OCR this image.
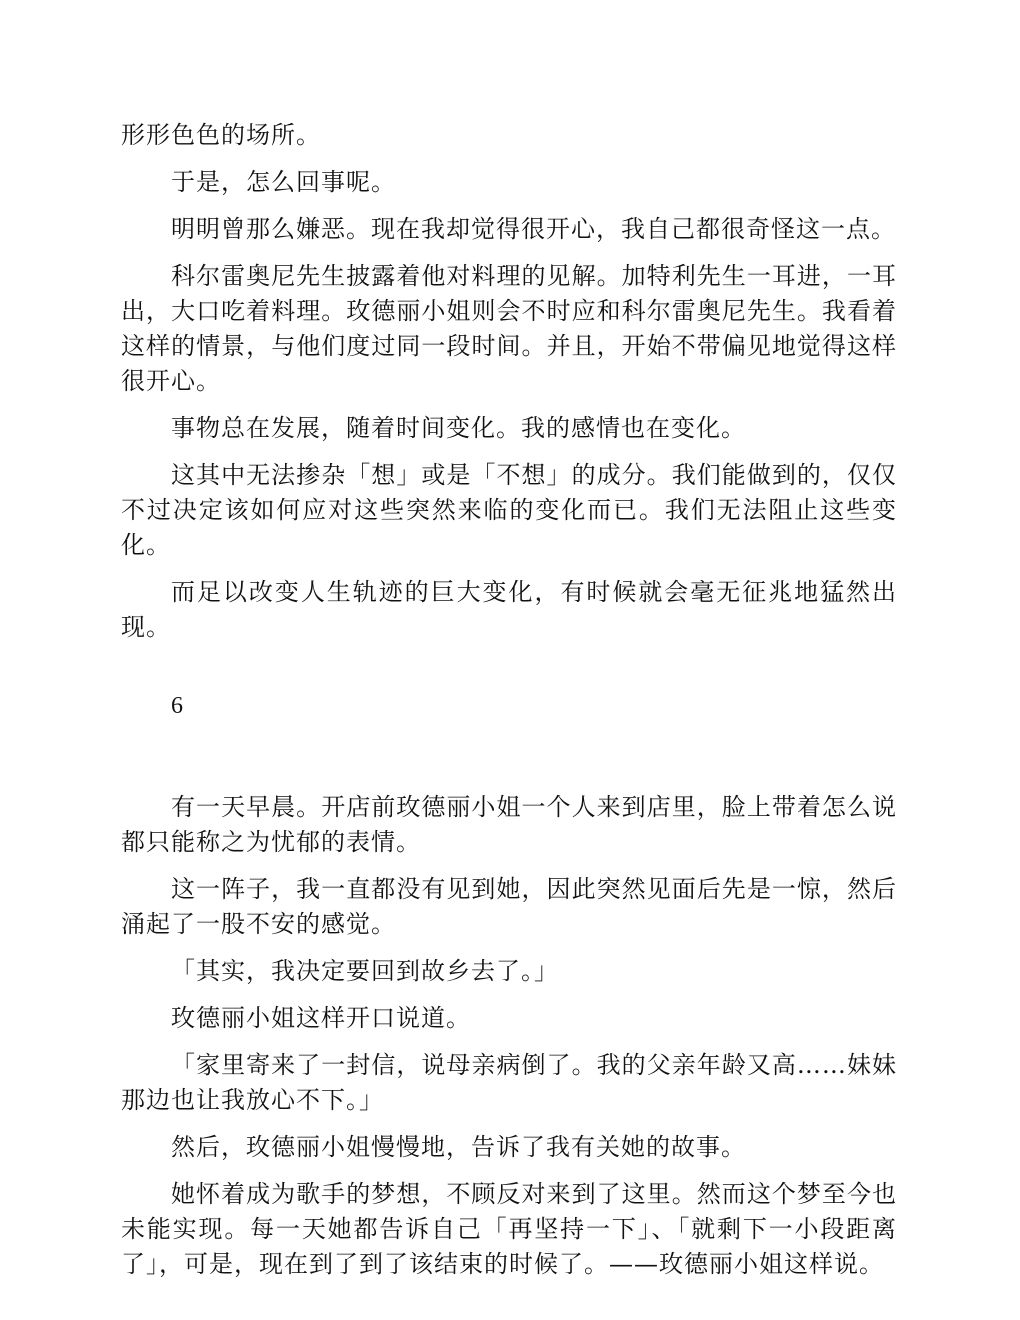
形形色色的场所。

于是，怎么回事呢。

明明曾那么嫌恶。现在我却觉得很开心，我自己都很奇怪这一点。

科尔雷奥尼先生披露着他对料理的见解。加特利先生一耳进，一耳出，大口吃着料理。玫德丽小姐则会不时应和科尔雷奥尼先生。我看着这样的情景，与他们度过同一段时间。并且，开始不带偏见地觉得这样很开心。

事物总在发展，随着时间变化。我的感情也在变化。

这其中无法掺杂「想」或是「不想」的成分。我们能做到的，仅仅不过决定该如何应对这些突然来临的变化而已。我们无法阻止这些变化。

而足以改变人生轨迹的巨大变化，有时候就会毫无征兆地猛然出现。

6

有一天早晨。开店前玫德丽小姐一个人来到店里，脸上带着怎么说都只能称之为忧郁的表情。

这一阵子，我一直都没有见到她，因此突然见面后先是一惊，然后涌起了一股不安的感觉。

「其实，我决定要回到故乡去了。」

玫德丽小姐这样开口说道。

「家里寄来了一封信，说母亲病倒了。我的父亲年龄又高……妹妹那边也让我放心不下。」

然后，玫德丽小姐慢慢地，告诉了我有关她的故事。

她怀着成为歌手的梦想，不顾反对来到了这里。然而这个梦至今也未能实现。每一天她都告诉自己「再坚持一下」、「就剩下一小段距离了」，可是，现在到了到了该结束的时候了。——玫德丽小姐这样说。
